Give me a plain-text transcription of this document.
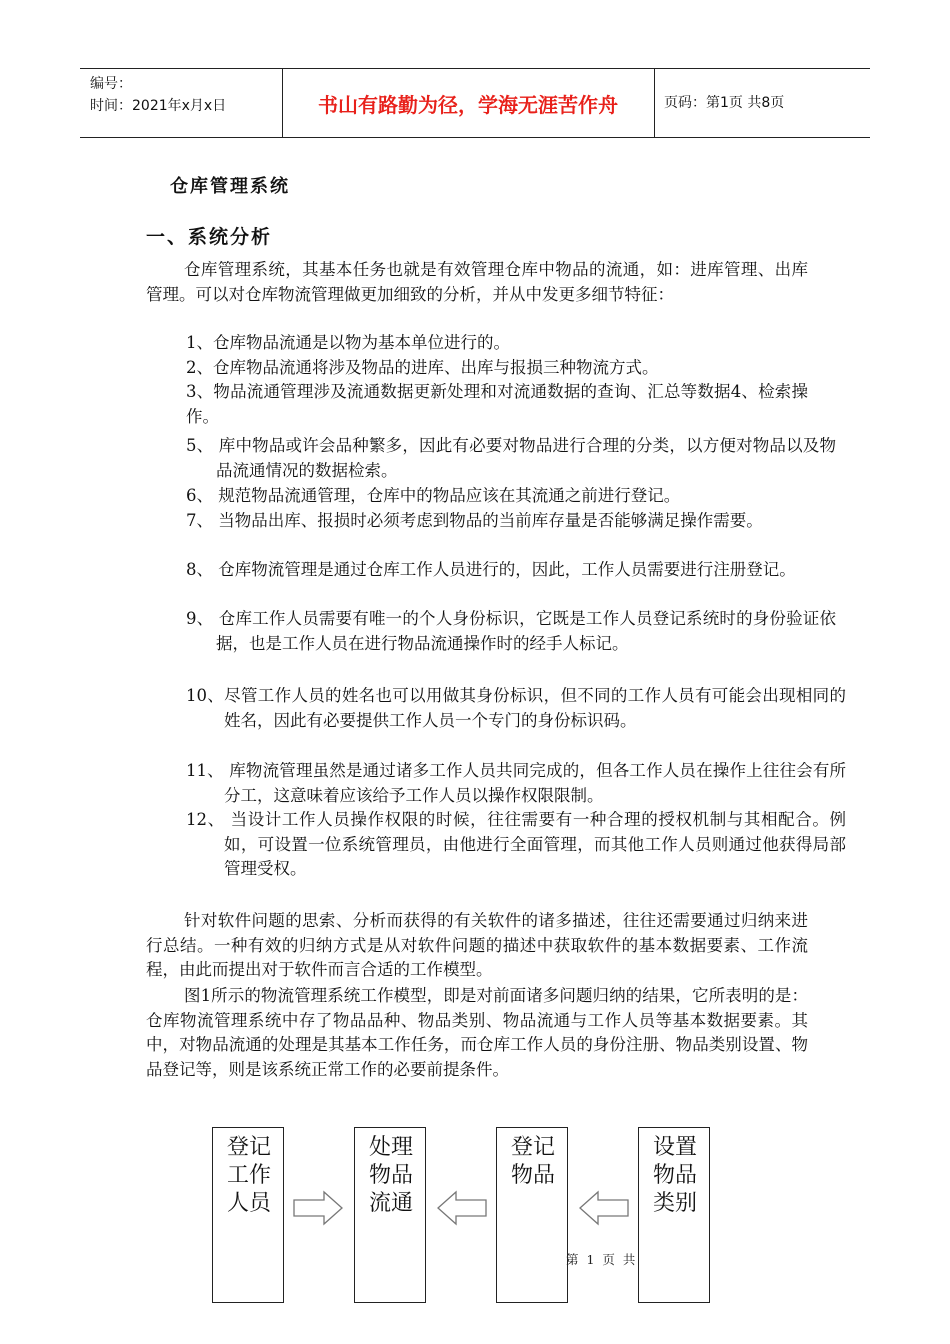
编号：
时间：2021年x月x日	书山有路勤为径，学海无涯苦作舟	页码：第1页 共8页
仓库管理系统
一、系统分析
仓库管理系统，其基本任务也就是有效管理仓库中物品的流通，如：进库管理、出库管理。可以对仓库物流管理做更加细致的分析，并从中发更多细节特征：
1、仓库物品流通是以物为基本单位进行的。
2、仓库物品流通将涉及物品的进库、出库与报损三种物流方式。
3、物品流通管理涉及流通数据更新处理和对流通数据的查询、汇总等数据4、检索操作。
5、 库中物品或许会品种繁多，因此有必要对物品进行合理的分类，以方便对物品以及物品流通情况的数据检索。
6、 规范物品流通管理，仓库中的物品应该在其流通之前进行登记。
7、 当物品出库、报损时必须考虑到物品的当前库存量是否能够满足操作需要。
8、 仓库物流管理是通过仓库工作人员进行的，因此，工作人员需要进行注册登记。
9、 仓库工作人员需要有唯一的个人身份标识，它既是工作人员登记系统时的身份验证依据，也是工作人员在进行物品流通操作时的经手人标记。
10、尽管工作人员的姓名也可以用做其身份标识，但不同的工作人员有可能会出现相同的姓名，因此有必要提供工作人员一个专门的身份标识码。
11、 库物流管理虽然是通过诸多工作人员共同完成的，但各工作人员在操作上往往会有所分工，这意味着应该给予工作人员以操作权限限制。
12、 当设计工作人员操作权限的时候，往往需要有一种合理的授权机制与其相配合。例如，可设置一位系统管理员，由他进行全面管理，而其他工作人员则通过他获得局部管理受权。
针对软件问题的思索、分析而获得的有关软件的诸多描述，往往还需要通过归纳来进行总结。一种有效的归纳方式是从对软件问题的描述中获取软件的基本数据要素、工作流程，由此而提出对于软件而言合适的工作模型。
图1所示的物流管理系统工作模型，即是对前面诸多问题归纳的结果，它所表明的是：仓库物流管理系统中存了物品品种、物品类别、物品流通与工作人员等基本数据要素。其中，对物品流通的处理是其基本工作任务，而仓库工作人员的身份注册、物品类别设置、物品登记等，则是该系统正常工作的必要前提条件。
登记
工作
人员
处理
物品
流通
登记
物品
设置
物品
类别
第 1 页 共
